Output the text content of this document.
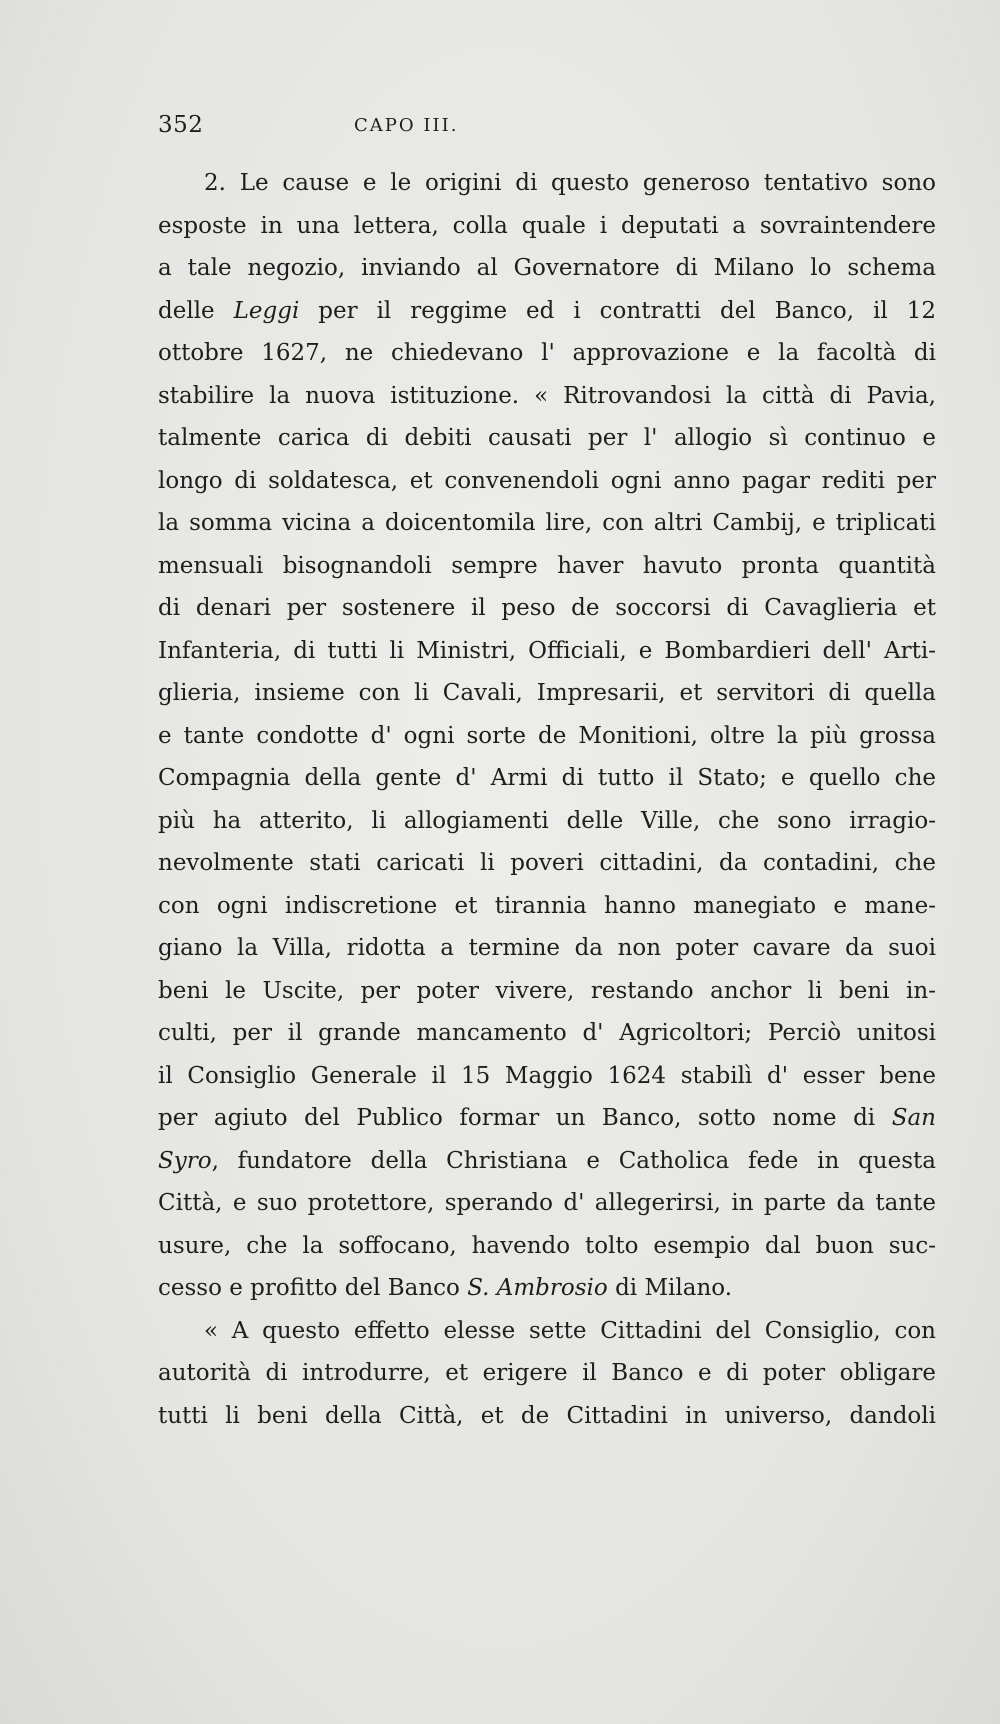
352	CAPO III.
2. Le cause e le origini di questo generoso tentativo sono
esposte in una lettera, colla quale i deputati a sovraintendere
a tale negozio, inviando al Governatore di Milano lo schema
delle Leggi per il reggime ed i contratti del Banco, il 12
ottobre 1627, ne chiedevano l' approvazione e la facoltà di
stabilire la nuova istituzione. « Ritrovandosi la città di Pavia,
talmente carica di debiti causati per l' allogio sì continuo e
longo di soldatesca, et convenendoli ogni anno pagar rediti per
la somma vicina a doicentomila lire, con altri Cambij, e triplicati
mensuali bisognandoli sempre haver havuto pronta quantità
di denari per sostenere il peso de soccorsi di Cavaglieria et
Infanteria, di tutti li Ministri, Officiali, e Bombardieri dell' Arti-
glieria, insieme con li Cavali, Impresarii, et servitori di quella
e tante condotte d' ogni sorte de Monitioni, oltre la più grossa
Compagnia della gente d' Armi di tutto il Stato; e quello che
più ha atterito, li allogiamenti delle Ville, che sono irragio-
nevolmente stati caricati li poveri cittadini, da contadini, che
con ogni indiscretione et tirannia hanno manegiato e mane-
giano la Villa, ridotta a termine da non poter cavare da suoi
beni le Uscite, per poter vivere, restando anchor li beni in-
culti, per il grande mancamento d' Agricoltori; Perciò unitosi
il Consiglio Generale il 15 Maggio 1624 stabilì d' esser bene
per agiuto del Publico formar un Banco, sotto nome di San
Syro, fundatore della Christiana e Catholica fede in questa
Città, e suo protettore, sperando d' allegerirsi, in parte da tante
usure, che la soffocano, havendo tolto esempio dal buon suc-
cesso e profitto del Banco S. Ambrosio di Milano.
« A questo effetto elesse sette Cittadini del Consiglio, con
autorità di introdurre, et erigere il Banco e di poter obligare
tutti li beni della Città, et de Cittadini in universo, dandoli
